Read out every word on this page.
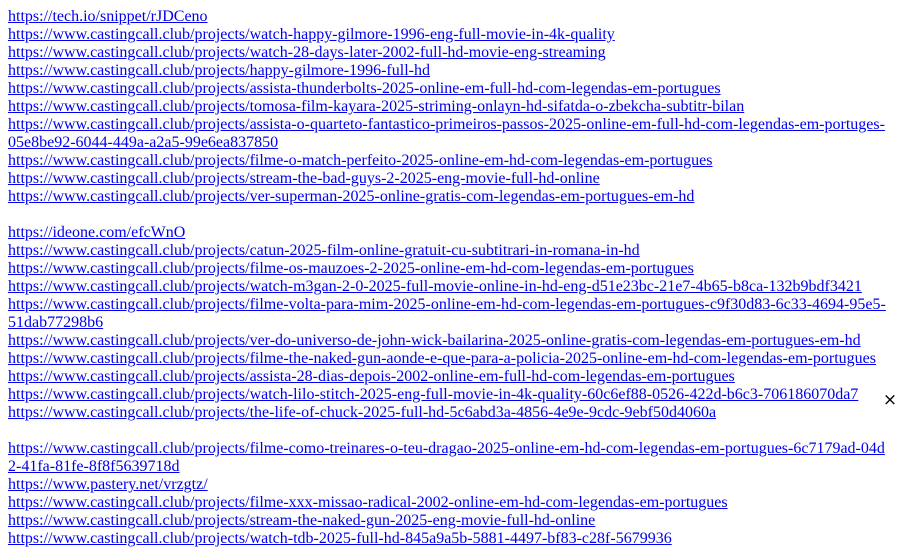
https://tech.io/snippet/rJDCeno
https://www.castingcall.club/projects/watch-happy-gilmore-1996-eng-full-movie-in-4k-quality
https://www.castingcall.club/projects/watch-28-days-later-2002-full-hd-movie-eng-streaming
https://www.castingcall.club/projects/happy-gilmore-1996-full-hd
https://www.castingcall.club/projects/assista-thunderbolts-2025-online-em-full-hd-com-legendas-em-portugues
https://www.castingcall.club/projects/tomosa-film-kayara-2025-striming-onlayn-hd-sifatda-o-zbekcha-subtitr-bilan
https://www.castingcall.club/projects/assista-o-quarteto-fantastico-primeiros-passos-2025-online-em-full-hd-com-legendas-em-portuges-05e8be92-6044-449a-a2a5-99e6ea837850
https://www.castingcall.club/projects/filme-o-match-perfeito-2025-online-em-hd-com-legendas-em-portugues
https://www.castingcall.club/projects/stream-the-bad-guys-2-2025-eng-movie-full-hd-online
https://www.castingcall.club/projects/ver-superman-2025-online-gratis-com-legendas-em-portugues-em-hd
https://ideone.com/efcWnO
https://www.castingcall.club/projects/catun-2025-film-online-gratuit-cu-subtitrari-in-romana-in-hd
https://www.castingcall.club/projects/filme-os-mauzoes-2-2025-online-em-hd-com-legendas-em-portugues
https://www.castingcall.club/projects/watch-m3gan-2-0-2025-full-movie-online-in-hd-eng-d51e23bc-21e7-4b65-b8ca-132b9bdf3421
https://www.castingcall.club/projects/filme-volta-para-mim-2025-online-em-hd-com-legendas-em-portugues-c9f30d83-6c33-4694-95e5-51dab77298b6
https://www.castingcall.club/projects/ver-do-universo-de-john-wick-bailarina-2025-online-gratis-com-legendas-em-portugues-em-hd
https://www.castingcall.club/projects/filme-the-naked-gun-aonde-e-que-para-a-policia-2025-online-em-hd-com-legendas-em-portugues
https://www.castingcall.club/projects/assista-28-dias-depois-2002-online-em-full-hd-com-legendas-em-portugues
https://www.castingcall.club/projects/watch-lilo-stitch-2025-eng-full-movie-in-4k-quality-60c6ef88-0526-422d-b6c3-706186070da7
https://www.castingcall.club/projects/the-life-of-chuck-2025-full-hd-5c6abd3a-4856-4e9e-9cdc-9ebf50d4060a
https://www.castingcall.club/projects/filme-como-treinares-o-teu-dragao-2025-online-em-hd-com-legendas-em-portugues-6c7179ad-04d2-41fa-81fe-8f8f5639718d
https://www.pastery.net/vrzgtz/
https://www.castingcall.club/projects/filme-xxx-missao-radical-2002-online-em-hd-com-legendas-em-portugues
https://www.castingcall.club/projects/stream-the-naked-gun-2025-eng-movie-full-hd-online
https://www.castingcall.club/projects/watch-tdb-2025-full-hd-845a9a5b-5881-4497-bf83-c28f-5679936
×
